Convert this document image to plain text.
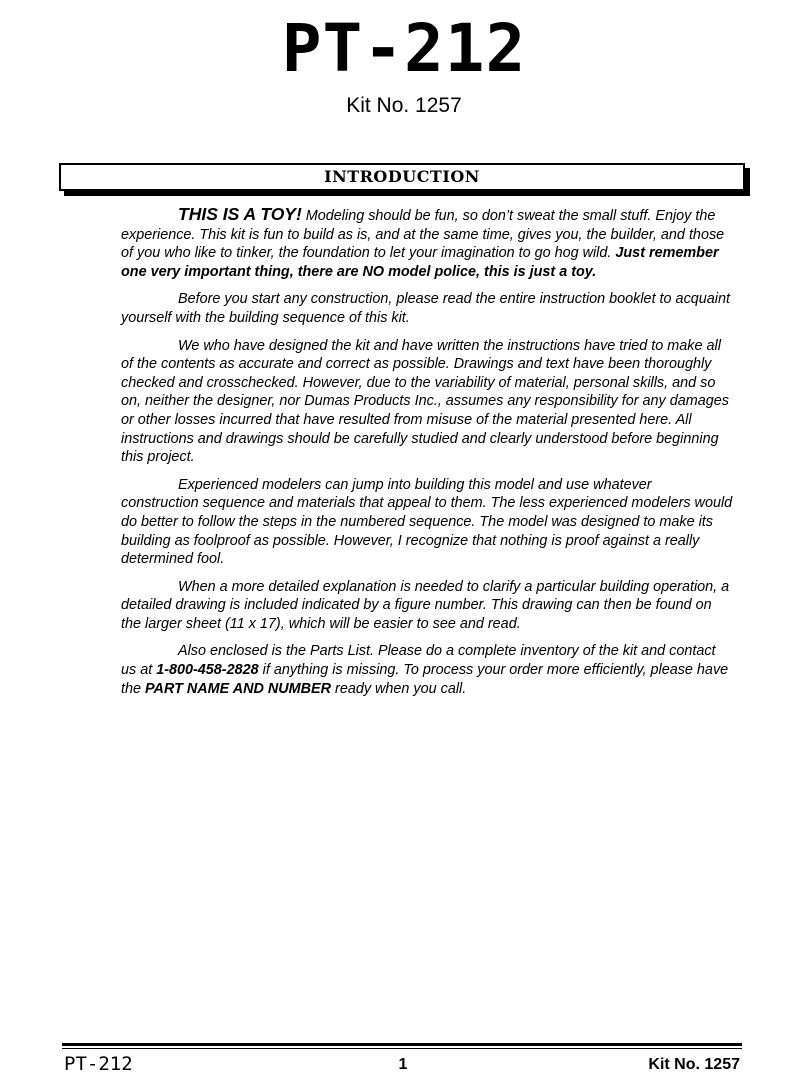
PT-212
Kit No. 1257
INTRODUCTION

THIS IS A TOY! Modeling should be fun, so don’t sweat the small stuff. Enjoy the experience. This kit is fun to build as is, and at the same time, gives you, the builder, and those of you who like to tinker, the foundation to let your imagination to go hog wild. Just remember one very important thing, there are NO model police, this is just a toy.

Before you start any construction, please read the entire instruction booklet to acquaint yourself with the building sequence of this kit.

We who have designed the kit and have written the instructions have tried to make all of the contents as accurate and correct as possible. Drawings and text have been thoroughly checked and crosschecked. However, due to the variability of material, personal skills, and so on, neither the designer, nor Dumas Products Inc., assumes any responsibility for any damages or other losses incurred that have resulted from misuse of the material presented here. All instructions and drawings should be carefully studied and clearly understood before beginning this project.

Experienced modelers can jump into building this model and use whatever construction sequence and materials that appeal to them. The less experienced modelers would do better to follow the steps in the numbered sequence. The model was designed to make its building as foolproof as possible. However, I recognize that nothing is proof against a really determined fool.

When a more detailed explanation is needed to clarify a particular building operation, a detailed drawing is included indicated by a figure number. This drawing can then be found on the larger sheet (11 x 17), which will be easier to see and read.

Also enclosed is the Parts List. Please do a complete inventory of the kit and contact us at 1-800-458-2828 if anything is missing. To process your order more efficiently, please have the PART NAME AND NUMBER ready when you call.

PT-212	1	Kit No. 1257
